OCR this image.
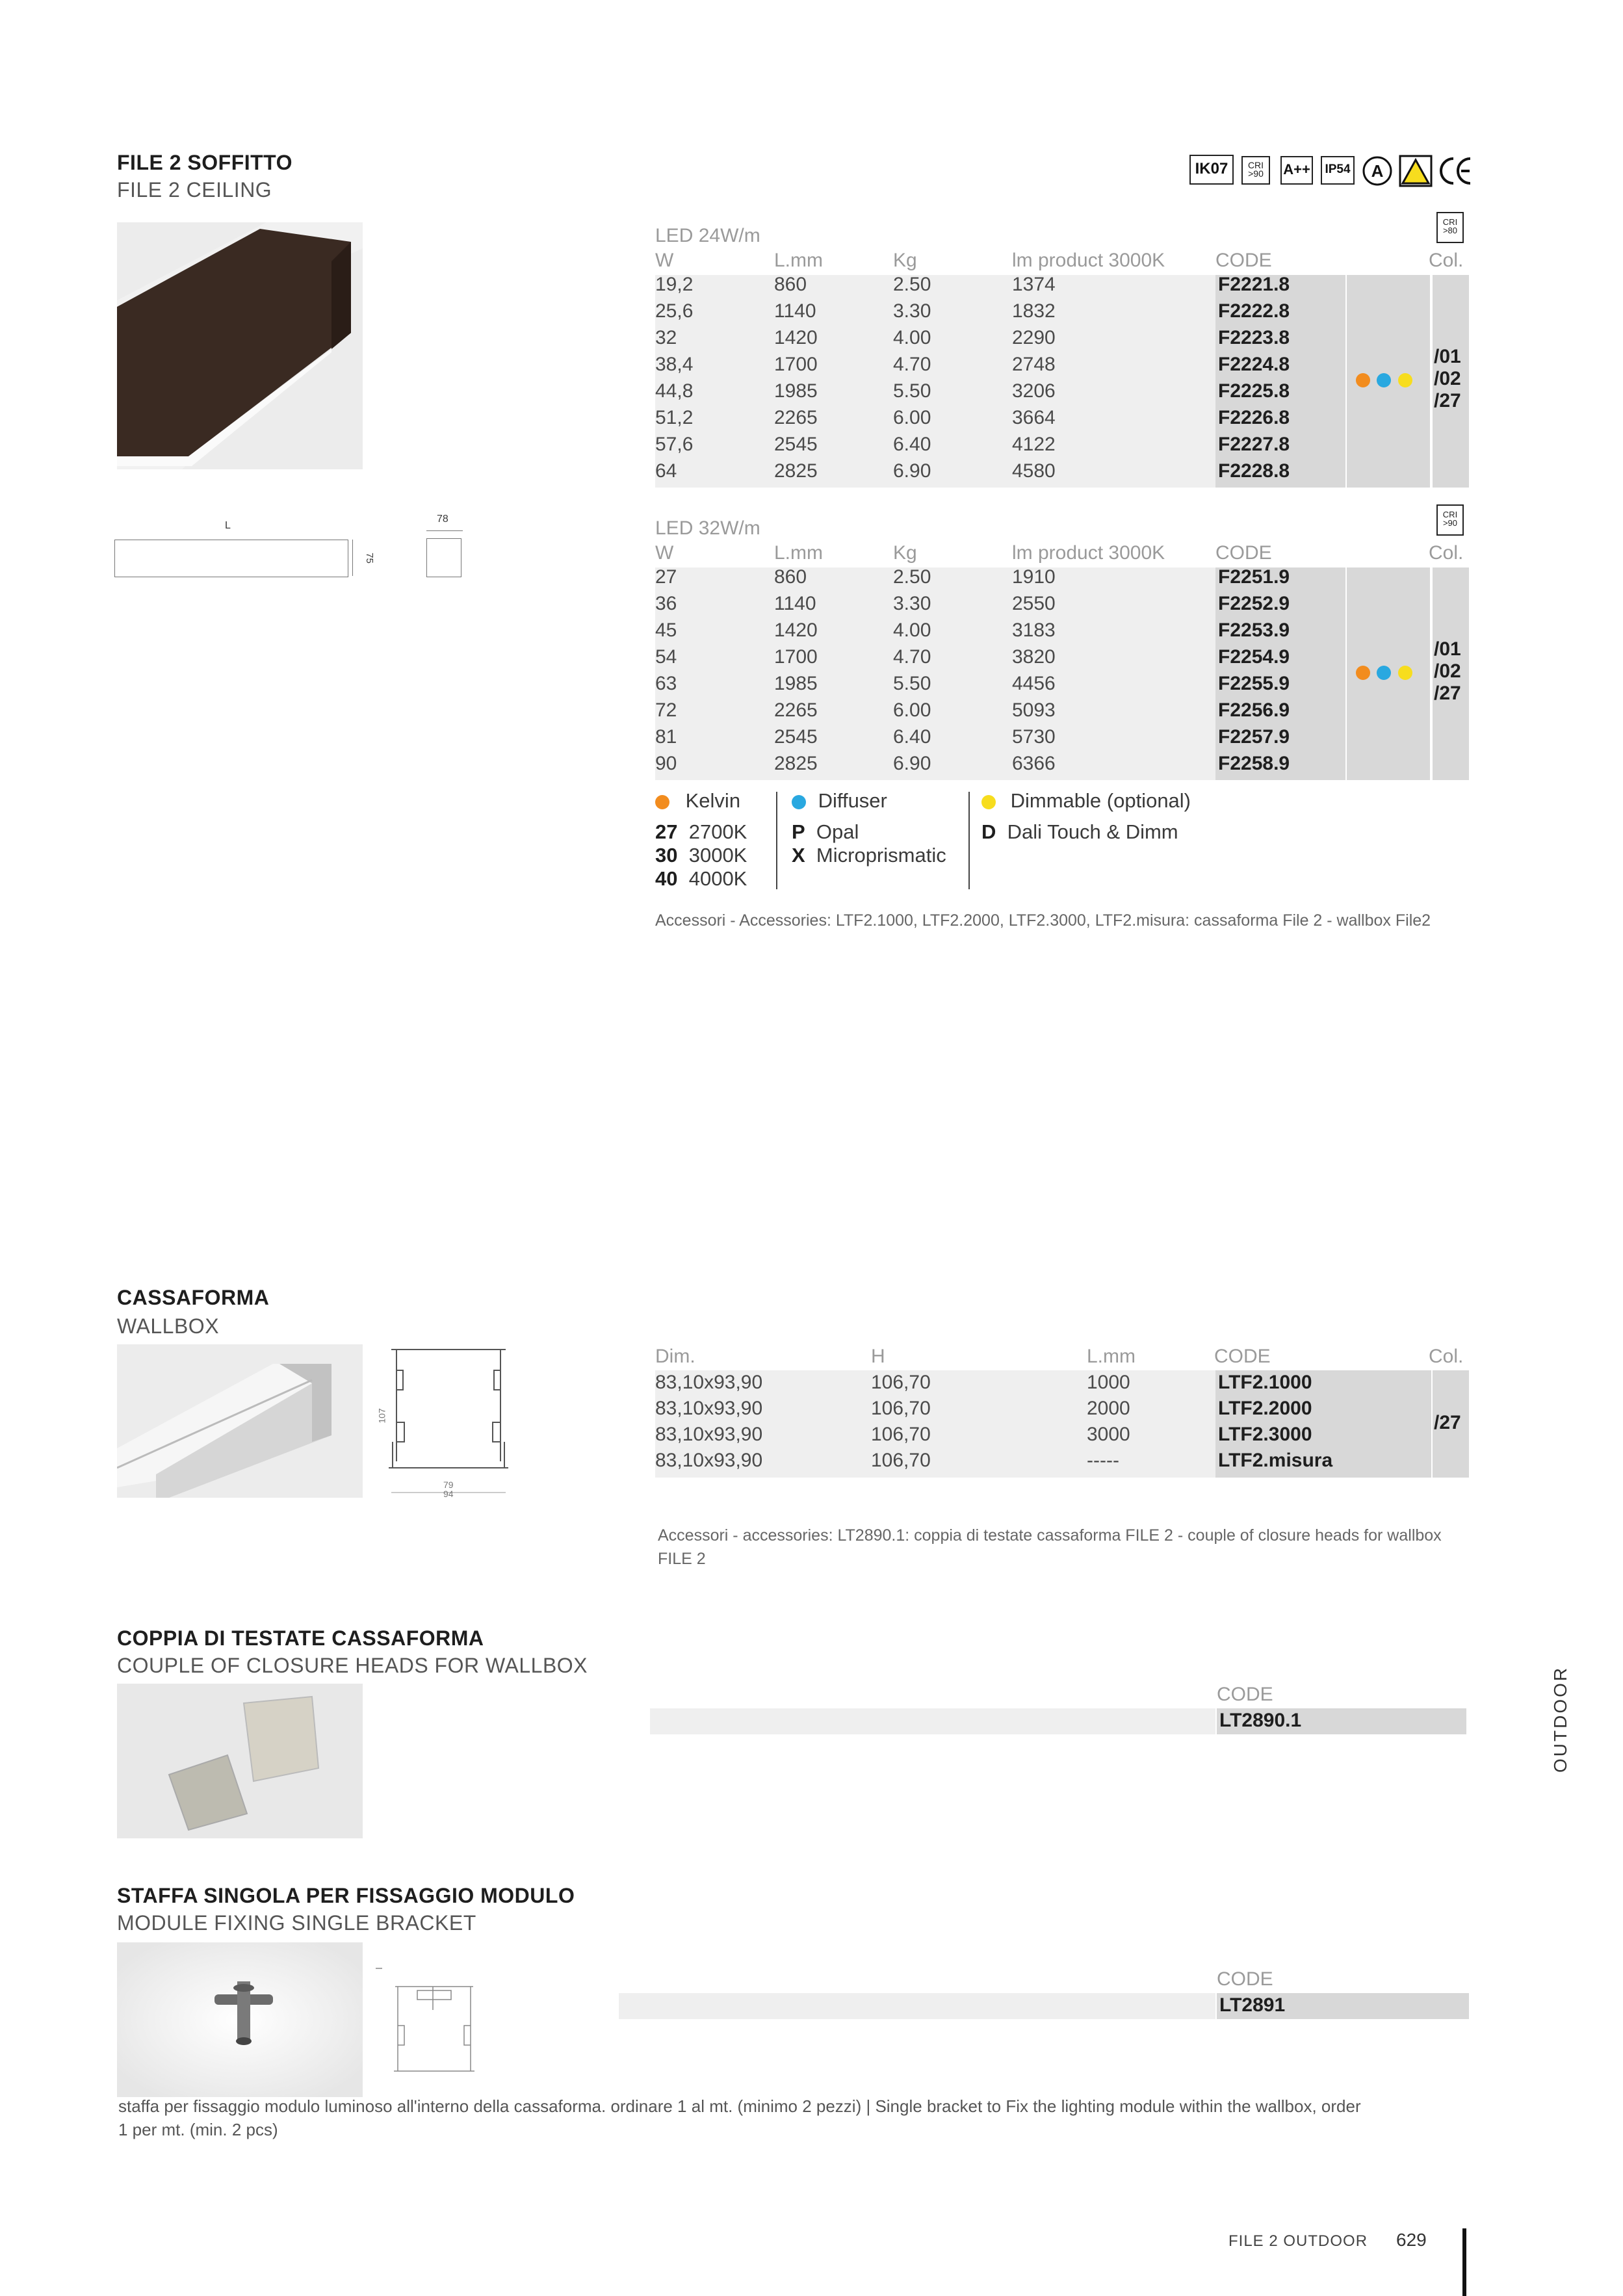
IK07	CRI
>90	A++	IP54 A
FILE 2 SOFFITTO
FILE 2 CEILING
L
75
78
LED 24W/m
CRI
>80
W	L.mm	Kg	lm product 3000K	CODE	Col.
19,2	860	2.50	1374	F2221.8
25,6	1140	3.30	1832	F2222.8
32	1420	4.00	2290	F2223.8
38,4	1700	4.70	2748	F2224.8
44,8	1985	5.50	3206	F2225.8
51,2	2265	6.00	3664	F2226.8
57,6	2545	6.40	4122	F2227.8
64	2825	6.90	4580	F2228.8

/01
/02
/27
LED 32W/m
CRI
>90
W	L.mm	Kg	lm product 3000K	CODE	Col.
27	860	2.50	1910	F2251.9
36	1140	3.30	2550	F2252.9
45	1420	4.00	3183	F2253.9
54	1700	4.70	3820	F2254.9
63	1985	5.50	4456	F2255.9
72	2265	6.00	5093	F2256.9
81	2545	6.40	5730	F2257.9
90	2825	6.90	6366	F2258.9

/01
/02
/27
Kelvin
27 2700K
30 3000K
40 4000K
Diffuser
P Opal
X Microprismatic
Dimmable (optional)
D Dali Touch & Dimm
Accessori - Accessories: LTF2.1000, LTF2.2000, LTF2.3000, LTF2.misura: cassaforma File 2 - wallbox File2
CASSAFORMA
WALLBOX
107
79
94
Dim.	H	L.mm	CODE	Col.
83,10x93,90	106,70	1000	LTF2.1000
83,10x93,90	106,70	2000	LTF2.2000
83,10x93,90	106,70	3000	LTF2.3000
83,10x93,90	106,70	-----	LTF2.misura
/27
Accessori - accessories: LT2890.1: coppia di testate cassaforma FILE 2 - couple of closure heads for wallbox
FILE 2
COPPIA DI TESTATE CASSAFORMA
COUPLE OF CLOSURE HEADS FOR WALLBOX
CODE
LT2890.1
STAFFA SINGOLA PER FISSAGGIO MODULO
MODULE FIXING SINGLE BRACKET
CODE
LT2891
staffa per fissaggio modulo luminoso all'interno della cassaforma. ordinare 1 al mt. (minimo 2 pezzi) | Single bracket to Fix the lighting module within the wallbox, order
1 per mt. (min. 2 pcs)
OUTDOOR
FILE 2 OUTDOOR 629
